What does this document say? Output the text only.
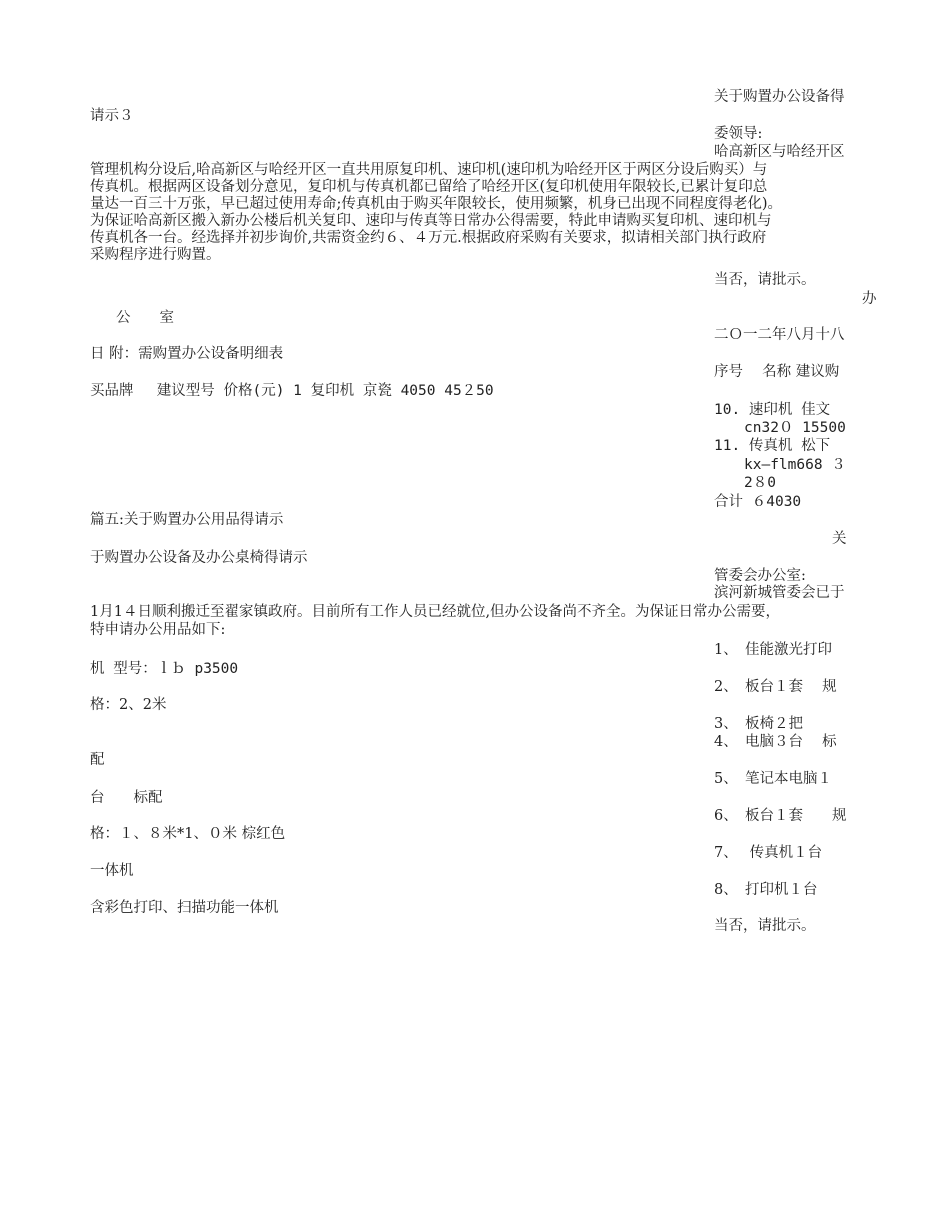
关于购置办公设备得

请示３

委领导:

哈高新区与哈经开区

管理机构分设后,哈高新区与哈经开区一直共用原复印机、速印机(速印机为哈经开区于两区分设后购买）与

传真机。根据两区设备划分意见，复印机与传真机都已留给了哈经开区(复印机使用年限较长,已累计复印总

量达一百三十万张，早已超过使用寿命;传真机由于购买年限较长，使用频繁，机身已出现不同程度得老化)。

为保证哈高新区搬入新办公楼后机关复印、速印与传真等日常办公得需要，特此申请购买复印机、速印机与

传真机各一台。经选择并初步询价,共需资金约６、４万元.根据政府采购有关要求，拟请相关部门执行政府

采购程序进行购置。

当否，请批示。

办

公　　室

二Ｏ一二年八月十八

日 附：需购置办公设备明细表

序号　 名称 建议购

买品牌　 建议型号 价格(元) 1 复印机 京瓷 4050 45２50

10. 速印机 佳文

cn32０ 15500

11. 传真机 松下

kx—flm668 ３

2８0

合计 ６4030

篇五:关于购置办公用品得请示

关

于购置办公设备及办公桌椅得请示

管委会办公室:

滨河新城管委会已于

1月1４日顺利搬迁至翟家镇政府。目前所有工作人员已经就位,但办公设备尚不齐全。为保证日常办公需要，

特申请办公用品如下:

1、　佳能激光打印

机 型号：ｌｂ p3500

2、　板台１套　 规

格：2、2米

3、　板椅２把

4、　电脑３台　 标

配

5、　笔记本电脑１

台　　标配

6、　板台１套　　规

格：１、８米*1、０米 棕红色

7、　 传真机１台

一体机

8、　打印机１台

含彩色打印、扫描功能一体机

当否，请批示。
